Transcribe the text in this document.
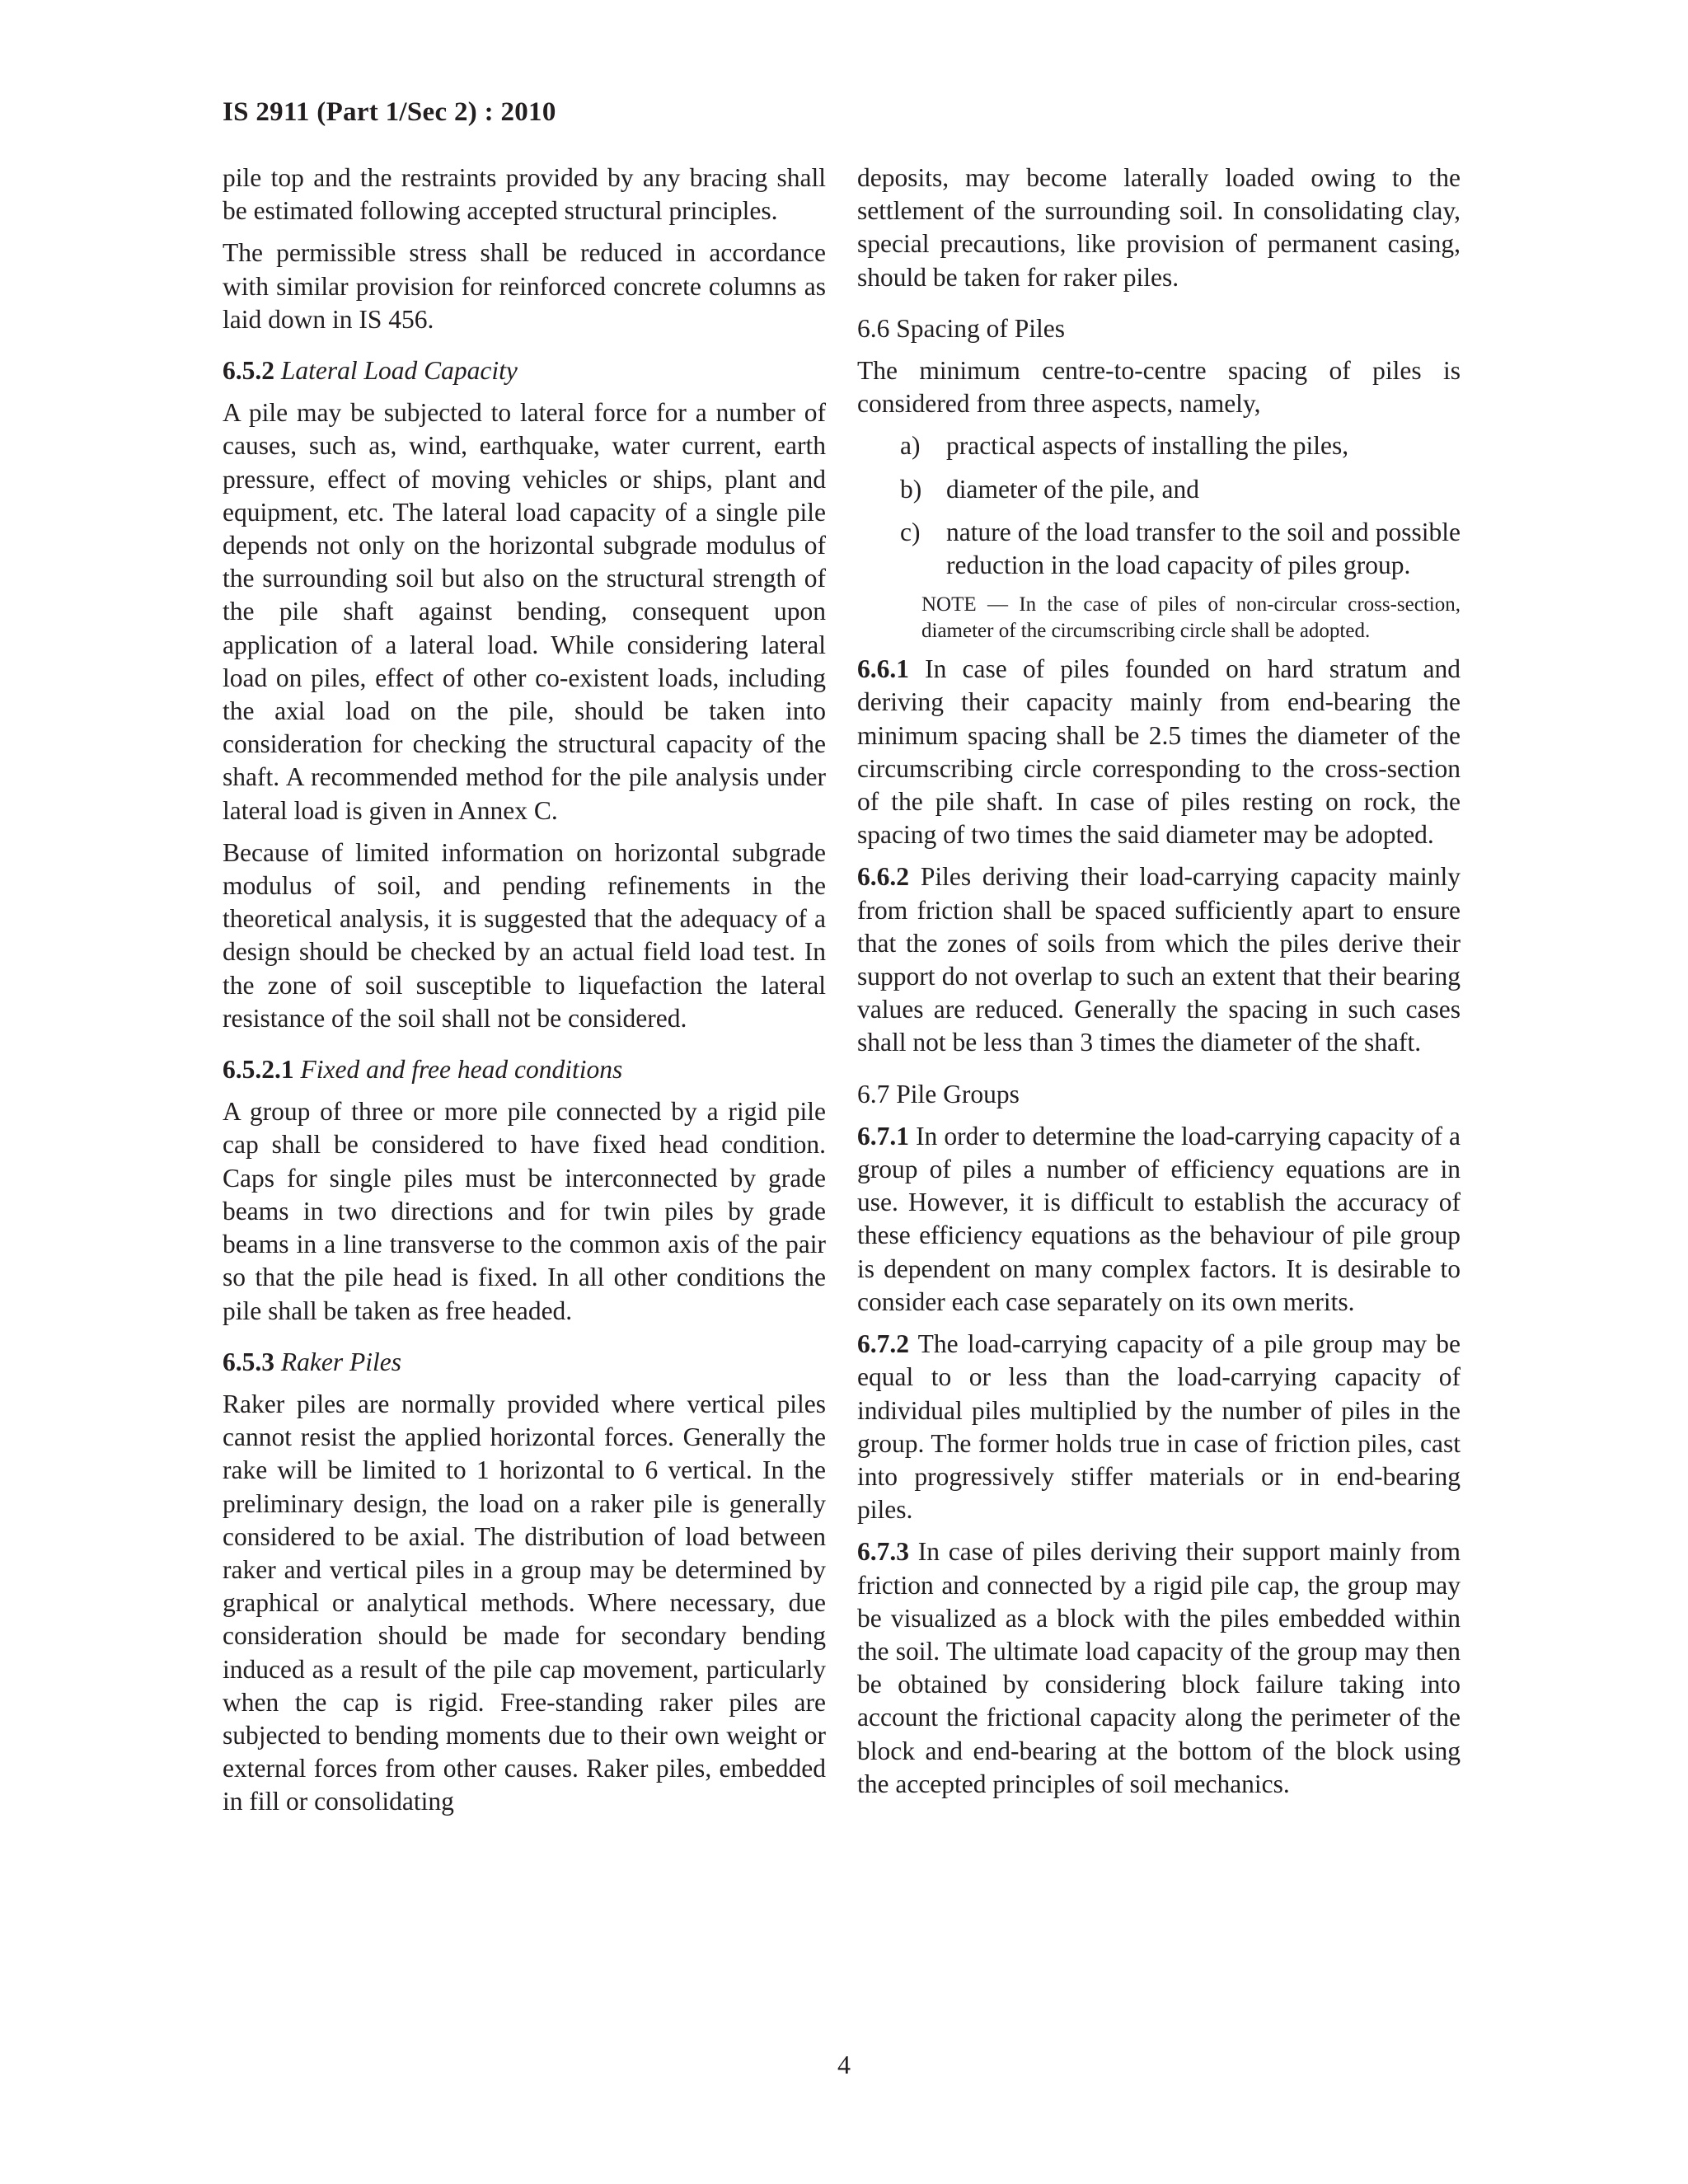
IS 2911 (Part 1/Sec 2) : 2010

pile top and the restraints provided by any bracing shall be estimated following accepted structural principles.

The permissible stress shall be reduced in accordance with similar provision for reinforced concrete columns as laid down in IS 456.

6.5.2 Lateral Load Capacity

A pile may be subjected to lateral force for a number of causes, such as, wind, earthquake, water current, earth pressure, effect of moving vehicles or ships, plant and equipment, etc. The lateral load capacity of a single pile depends not only on the horizontal subgrade modulus of the surrounding soil but also on the structural strength of the pile shaft against bending, consequent upon application of a lateral load. While considering lateral load on piles, effect of other co-existent loads, including the axial load on the pile, should be taken into consideration for checking the structural capacity of the shaft. A recommended method for the pile analysis under lateral load is given in Annex C.

Because of limited information on horizontal subgrade modulus of soil, and pending refinements in the theoretical analysis, it is suggested that the adequacy of a design should be checked by an actual field load test. In the zone of soil susceptible to liquefaction the lateral resistance of the soil shall not be considered.

6.5.2.1 Fixed and free head conditions

A group of three or more pile connected by a rigid pile cap shall be considered to have fixed head condition. Caps for single piles must be interconnected by grade beams in two directions and for twin piles by grade beams in a line transverse to the common axis of the pair so that the pile head is fixed. In all other conditions the pile shall be taken as free headed.

6.5.3 Raker Piles

Raker piles are normally provided where vertical piles cannot resist the applied horizontal forces. Generally the rake will be limited to 1 horizontal to 6 vertical. In the preliminary design, the load on a raker pile is generally considered to be axial. The distribution of load between raker and vertical piles in a group may be determined by graphical or analytical methods. Where necessary, due consideration should be made for secondary bending induced as a result of the pile cap movement, particularly when the cap is rigid. Free-standing raker piles are subjected to bending moments due to their own weight or external forces from other causes. Raker piles, embedded in fill or consolidating

deposits, may become laterally loaded owing to the settlement of the surrounding soil. In consolidating clay, special precautions, like provision of permanent casing, should be taken for raker piles.

6.6 Spacing of Piles

The minimum centre-to-centre spacing of piles is considered from three aspects, namely,

a) practical aspects of installing the piles,
b) diameter of the pile, and
c) nature of the load transfer to the soil and possible reduction in the load capacity of piles group.
NOTE — In the case of piles of non-circular cross-section, diameter of the circumscribing circle shall be adopted.

6.6.1 In case of piles founded on hard stratum and deriving their capacity mainly from end-bearing the minimum spacing shall be 2.5 times the diameter of the circumscribing circle corresponding to the cross-section of the pile shaft. In case of piles resting on rock, the spacing of two times the said diameter may be adopted.

6.6.2 Piles deriving their load-carrying capacity mainly from friction shall be spaced sufficiently apart to ensure that the zones of soils from which the piles derive their support do not overlap to such an extent that their bearing values are reduced. Generally the spacing in such cases shall not be less than 3 times the diameter of the shaft.

6.7 Pile Groups

6.7.1 In order to determine the load-carrying capacity of a group of piles a number of efficiency equations are in use. However, it is difficult to establish the accuracy of these efficiency equations as the behaviour of pile group is dependent on many complex factors. It is desirable to consider each case separately on its own merits.

6.7.2 The load-carrying capacity of a pile group may be equal to or less than the load-carrying capacity of individual piles multiplied by the number of piles in the group. The former holds true in case of friction piles, cast into progressively stiffer materials or in end-bearing piles.

6.7.3 In case of piles deriving their support mainly from friction and connected by a rigid pile cap, the group may be visualized as a block with the piles embedded within the soil. The ultimate load capacity of the group may then be obtained by considering block failure taking into account the frictional capacity along the perimeter of the block and end-bearing at the bottom of the block using the accepted principles of soil mechanics.

4
